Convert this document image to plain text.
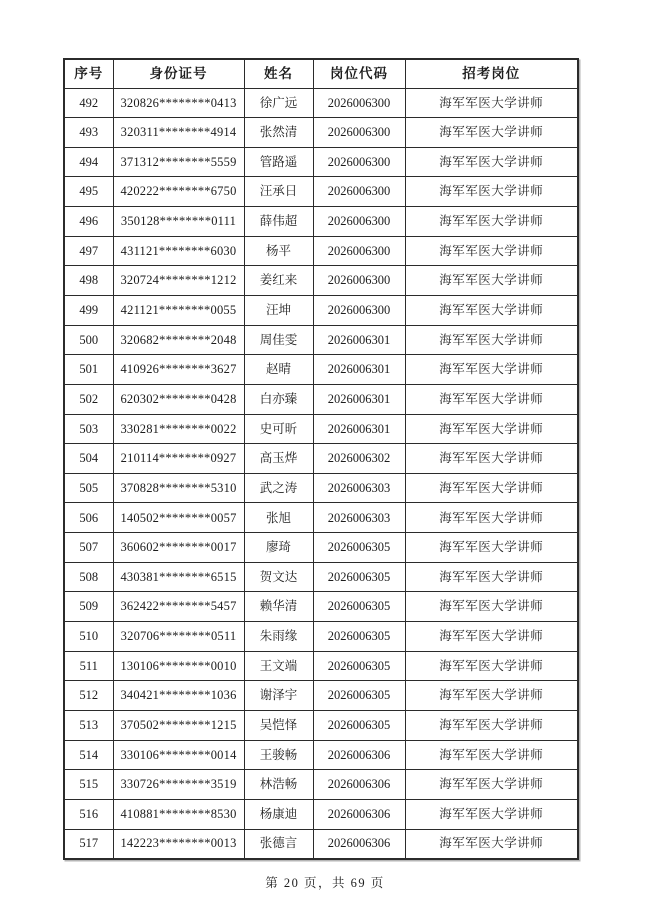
序号	身份证号	姓名	岗位代码	招考岗位
492	320826********0413	徐广远	2026006300	海军军医大学讲师
493	320311********4914	张然清	2026006300	海军军医大学讲师
494	371312********5559	管路遥	2026006300	海军军医大学讲师
495	420222********6750	汪承日	2026006300	海军军医大学讲师
496	350128********0111	薛伟超	2026006300	海军军医大学讲师
497	431121********6030	杨平	2026006300	海军军医大学讲师
498	320724********1212	姜红来	2026006300	海军军医大学讲师
499	421121********0055	汪坤	2026006300	海军军医大学讲师
500	320682********2048	周佳雯	2026006301	海军军医大学讲师
501	410926********3627	赵晴	2026006301	海军军医大学讲师
502	620302********0428	白亦臻	2026006301	海军军医大学讲师
503	330281********0022	史可昕	2026006301	海军军医大学讲师
504	210114********0927	高玉烨	2026006302	海军军医大学讲师
505	370828********5310	武之涛	2026006303	海军军医大学讲师
506	140502********0057	张旭	2026006303	海军军医大学讲师
507	360602********0017	廖琦	2026006305	海军军医大学讲师
508	430381********6515	贺文达	2026006305	海军军医大学讲师
509	362422********5457	赖华清	2026006305	海军军医大学讲师
510	320706********0511	朱雨缘	2026006305	海军军医大学讲师
511	130106********0010	王文端	2026006305	海军军医大学讲师
512	340421********1036	谢泽宇	2026006305	海军军医大学讲师
513	370502********1215	吴恺怿	2026006305	海军军医大学讲师
514	330106********0014	王骏畅	2026006306	海军军医大学讲师
515	330726********3519	林浩畅	2026006306	海军军医大学讲师
516	410881********8530	杨康迪	2026006306	海军军医大学讲师
517	142223********0013	张德言	2026006306	海军军医大学讲师
第 20 页，共 69 页
